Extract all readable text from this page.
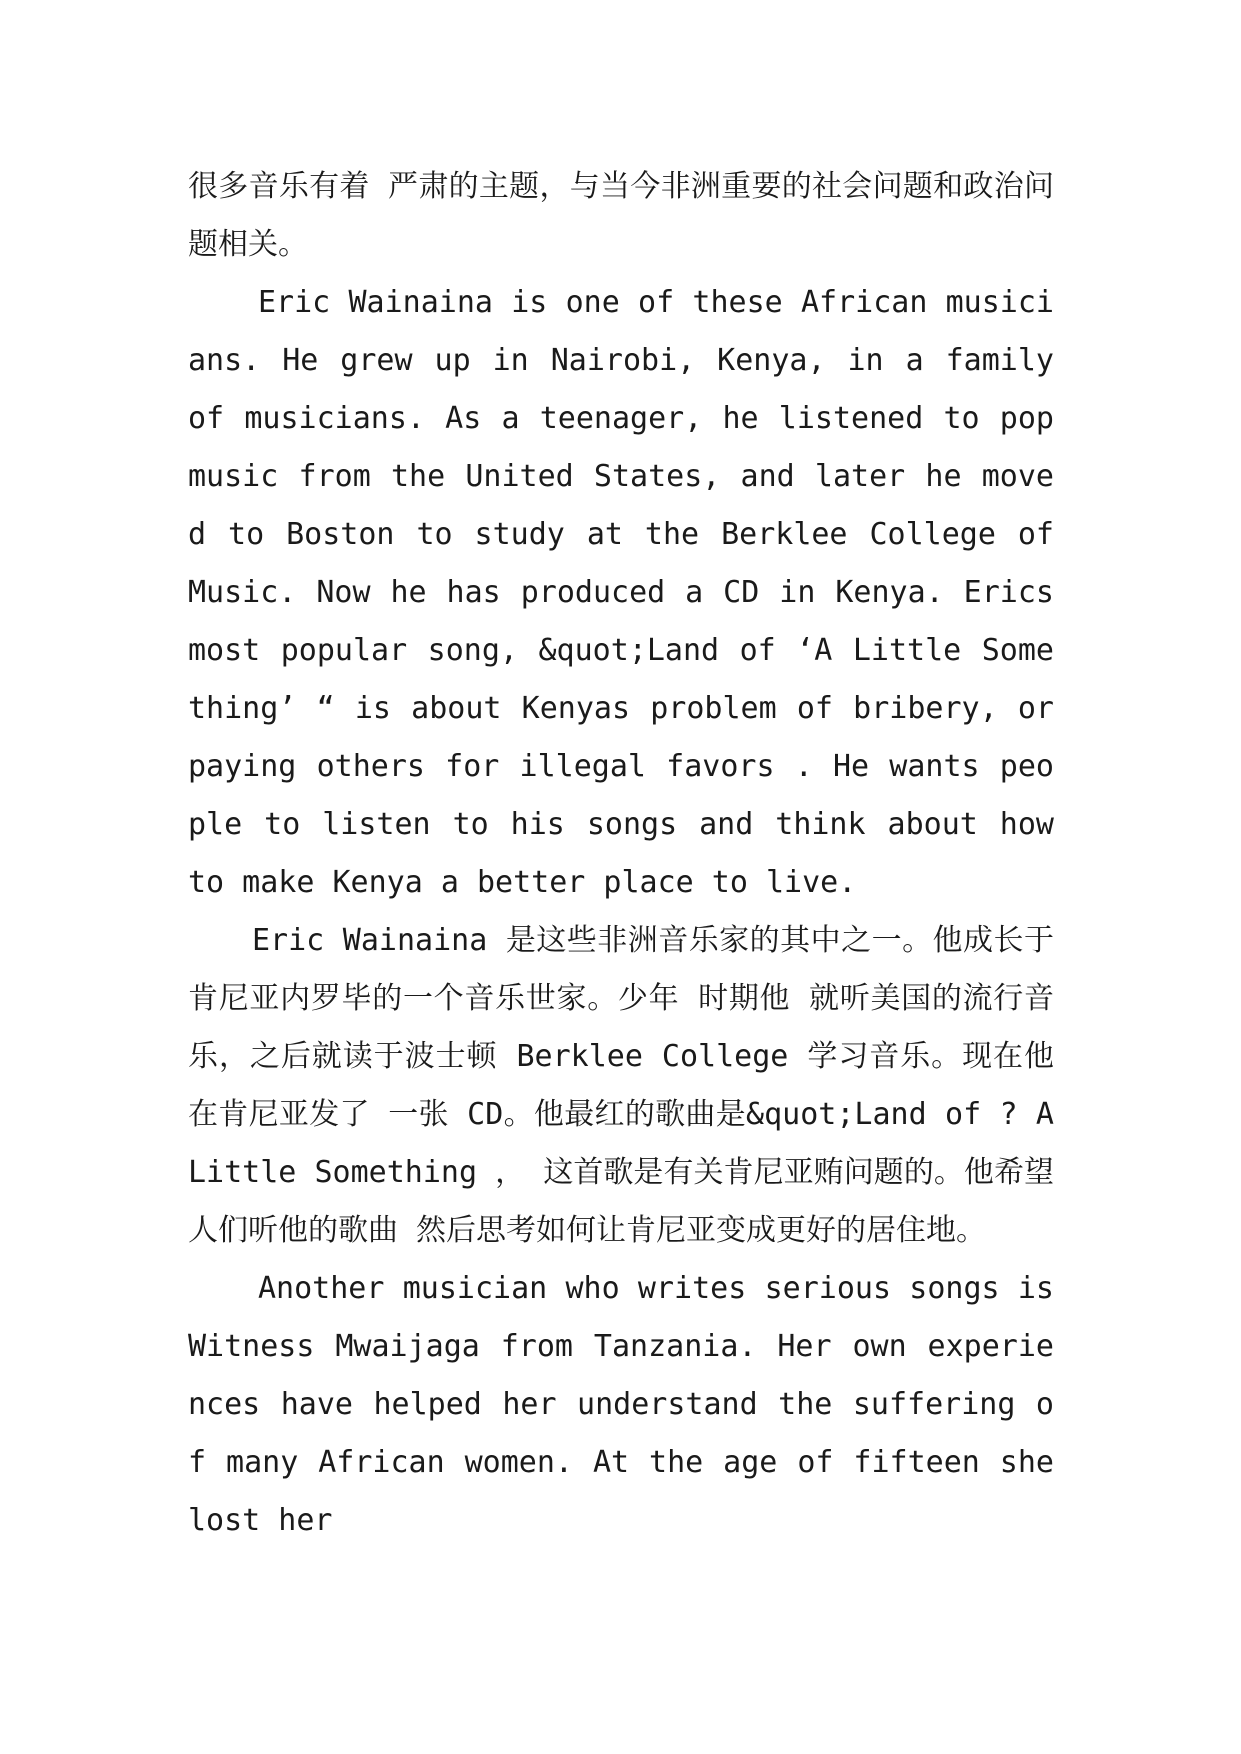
很多音乐有着 严肃的主题，与当今非洲重要的社会问题和政治问题相关。

Eric Wainaina is one of these African musicians. He grew up in Nairobi, Kenya, in a family of musicians. As a teenager, he listened to pop music from the United States, and later he moved to Boston to study at the Berklee College of Music. Now he has produced a CD in Kenya. Erics most popular song, &quot;Land of ‘A Little Something’ “ is about Kenyas problem of bribery, or paying others for illegal favors . He wants people to listen to his songs and think about how to make Kenya a better place to live.

Eric Wainaina 是这些非洲音乐家的其中之一。他成长于肯尼亚内罗毕的一个音乐世家。少年 时期他 就听美国的流行音乐，之后就读于波士顿 Berklee College 学习音乐。现在他在肯尼亚发了 一张 CD。他最红的歌曲是&quot;Land of ? A Little Something ， 这首歌是有关肯尼亚贿问题的。他希望人们听他的歌曲 然后思考如何让肯尼亚变成更好的居住地。

Another musician who writes serious songs is Witness Mwaijaga from Tanzania. Her own experiences have helped her understand the suffering of many African women. At the age of fifteen she lost her
